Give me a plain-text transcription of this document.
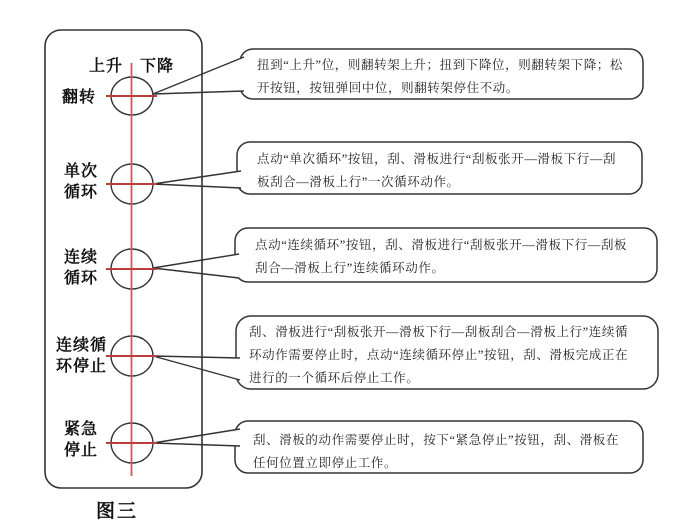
上升 下降
翻转
单次
循环
连续
循环
连续循
环停止
紧急
停止
扭到“上升”位，则翻转架上升；扭到下降位，则翻转架下降；松
开按钮，按钮弹回中位，则翻转架停住不动。
点动“单次循环”按钮，刮、滑板进行“刮板张开—滑板下行—刮
板刮合—滑板上行”一次循环动作。
点动“连续循环”按钮，刮、滑板进行“刮板张开—滑板下行—刮板
刮合—滑板上行”连续循环动作。
刮、滑板进行“刮板张开—滑板下行—刮板刮合—滑板上行”连续循
环动作需要停止时，点动“连续循环停止”按钮，刮、滑板完成正在
进行的一个循环后停止工作。
刮、滑板的动作需要停止时，按下“紧急停止”按钮，刮、滑板在
任何位置立即停止工作。
图三
